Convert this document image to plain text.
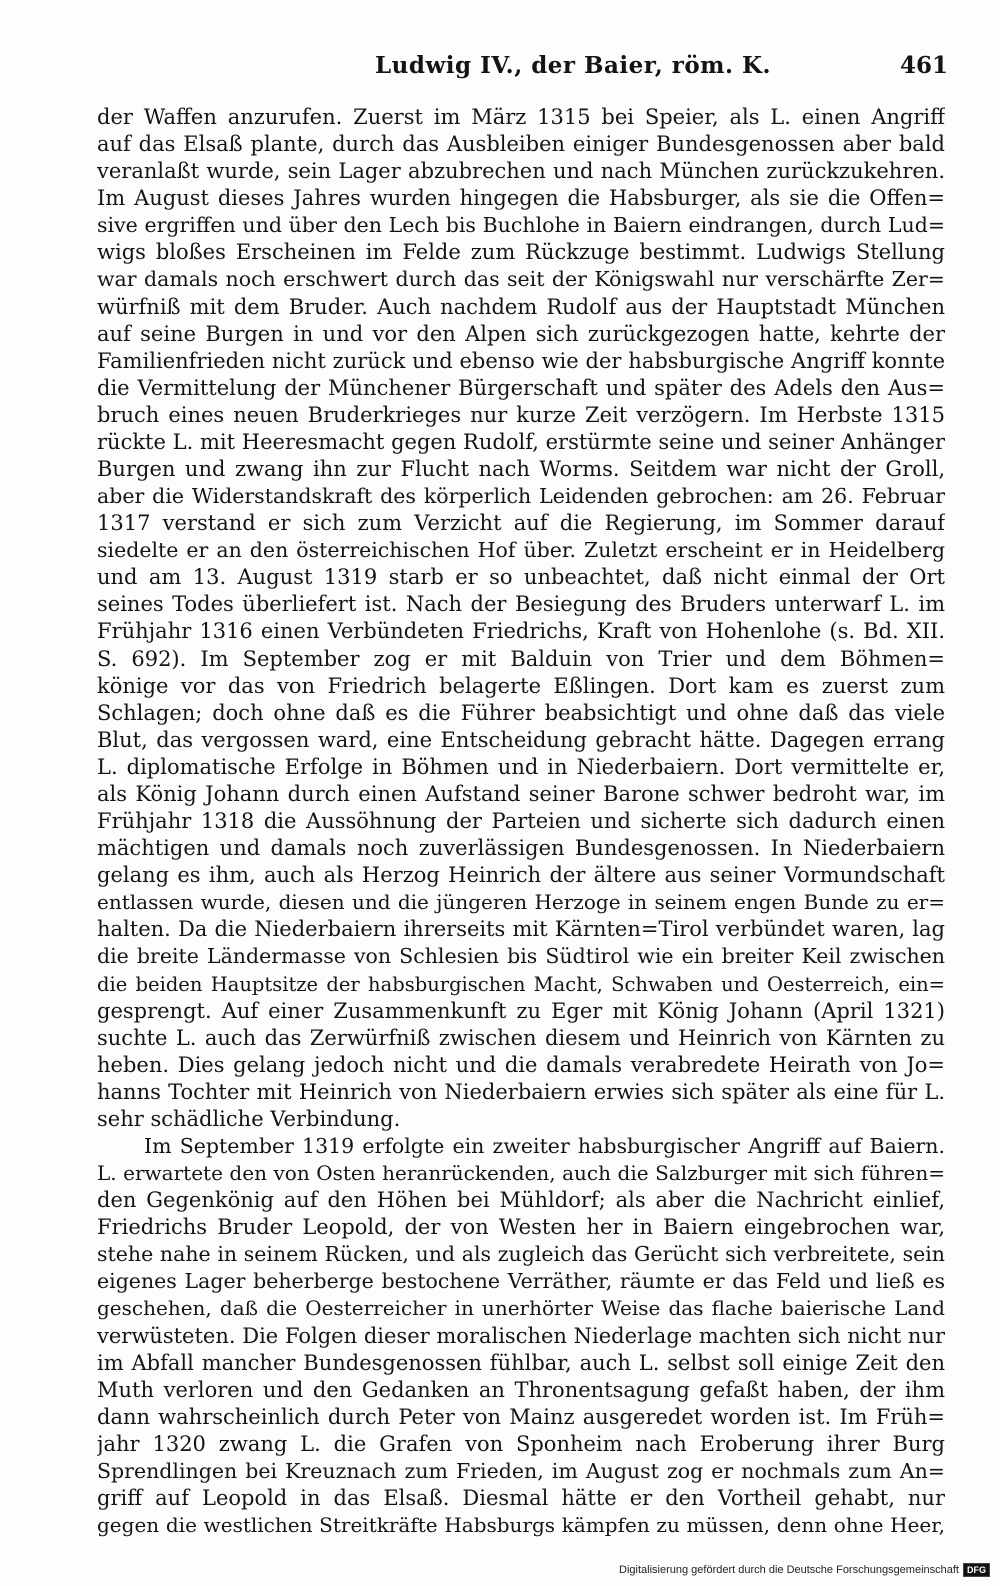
Ludwig IV., der Baier, röm. K.	461
der Waffen anzurufen. Zuerst im März 1315 bei Speier, als L. einen Angriff
auf das Elsaß plante, durch das Ausbleiben einiger Bundesgenossen aber bald
veranlaßt wurde, sein Lager abzubrechen und nach München zurückzukehren.
Im August dieses Jahres wurden hingegen die Habsburger, als sie die Offen=
sive ergriffen und über den Lech bis Buchlohe in Baiern eindrangen, durch Lud=
wigs bloßes Erscheinen im Felde zum Rückzuge bestimmt. Ludwigs Stellung
war damals noch erschwert durch das seit der Königswahl nur verschärfte Zer=
würfniß mit dem Bruder. Auch nachdem Rudolf aus der Hauptstadt München
auf seine Burgen in und vor den Alpen sich zurückgezogen hatte, kehrte der
Familienfrieden nicht zurück und ebenso wie der habsburgische Angriff konnte
die Vermittelung der Münchener Bürgerschaft und später des Adels den Aus=
bruch eines neuen Bruderkrieges nur kurze Zeit verzögern. Im Herbste 1315
rückte L. mit Heeresmacht gegen Rudolf, erstürmte seine und seiner Anhänger
Burgen und zwang ihn zur Flucht nach Worms. Seitdem war nicht der Groll,
aber die Widerstandskraft des körperlich Leidenden gebrochen: am 26. Februar
1317 verstand er sich zum Verzicht auf die Regierung, im Sommer darauf
siedelte er an den österreichischen Hof über. Zuletzt erscheint er in Heidelberg
und am 13. August 1319 starb er so unbeachtet, daß nicht einmal der Ort
seines Todes überliefert ist. Nach der Besiegung des Bruders unterwarf L. im
Frühjahr 1316 einen Verbündeten Friedrichs, Kraft von Hohenlohe (s. Bd. XII.
S. 692). Im September zog er mit Balduin von Trier und dem Böhmen=
könige vor das von Friedrich belagerte Eßlingen. Dort kam es zuerst zum
Schlagen; doch ohne daß es die Führer beabsichtigt und ohne daß das viele
Blut, das vergossen ward, eine Entscheidung gebracht hätte. Dagegen errang
L. diplomatische Erfolge in Böhmen und in Niederbaiern. Dort vermittelte er,
als König Johann durch einen Aufstand seiner Barone schwer bedroht war, im
Frühjahr 1318 die Aussöhnung der Parteien und sicherte sich dadurch einen
mächtigen und damals noch zuverlässigen Bundesgenossen. In Niederbaiern
gelang es ihm, auch als Herzog Heinrich der ältere aus seiner Vormundschaft
entlassen wurde, diesen und die jüngeren Herzoge in seinem engen Bunde zu er=
halten. Da die Niederbaiern ihrerseits mit Kärnten=Tirol verbündet waren, lag
die breite Ländermasse von Schlesien bis Südtirol wie ein breiter Keil zwischen
die beiden Hauptsitze der habsburgischen Macht, Schwaben und Oesterreich, ein=
gesprengt. Auf einer Zusammenkunft zu Eger mit König Johann (April 1321)
suchte L. auch das Zerwürfniß zwischen diesem und Heinrich von Kärnten zu
heben. Dies gelang jedoch nicht und die damals verabredete Heirath von Jo=
hanns Tochter mit Heinrich von Niederbaiern erwies sich später als eine für L.
sehr schädliche Verbindung.
Im September 1319 erfolgte ein zweiter habsburgischer Angriff auf Baiern.
L. erwartete den von Osten heranrückenden, auch die Salzburger mit sich führen=
den Gegenkönig auf den Höhen bei Mühldorf; als aber die Nachricht einlief,
Friedrichs Bruder Leopold, der von Westen her in Baiern eingebrochen war,
stehe nahe in seinem Rücken, und als zugleich das Gerücht sich verbreitete, sein
eigenes Lager beherberge bestochene Verräther, räumte er das Feld und ließ es
geschehen, daß die Oesterreicher in unerhörter Weise das flache baierische Land
verwüsteten. Die Folgen dieser moralischen Niederlage machten sich nicht nur
im Abfall mancher Bundesgenossen fühlbar, auch L. selbst soll einige Zeit den
Muth verloren und den Gedanken an Thronentsagung gefaßt haben, der ihm
dann wahrscheinlich durch Peter von Mainz ausgeredet worden ist. Im Früh=
jahr 1320 zwang L. die Grafen von Sponheim nach Eroberung ihrer Burg
Sprendlingen bei Kreuznach zum Frieden, im August zog er nochmals zum An=
griff auf Leopold in das Elsaß. Diesmal hätte er den Vortheil gehabt, nur
gegen die westlichen Streitkräfte Habsburgs kämpfen zu müssen, denn ohne Heer,
Digitalisierung gefördert durch die Deutsche Forschungsgemeinschaft DFG
